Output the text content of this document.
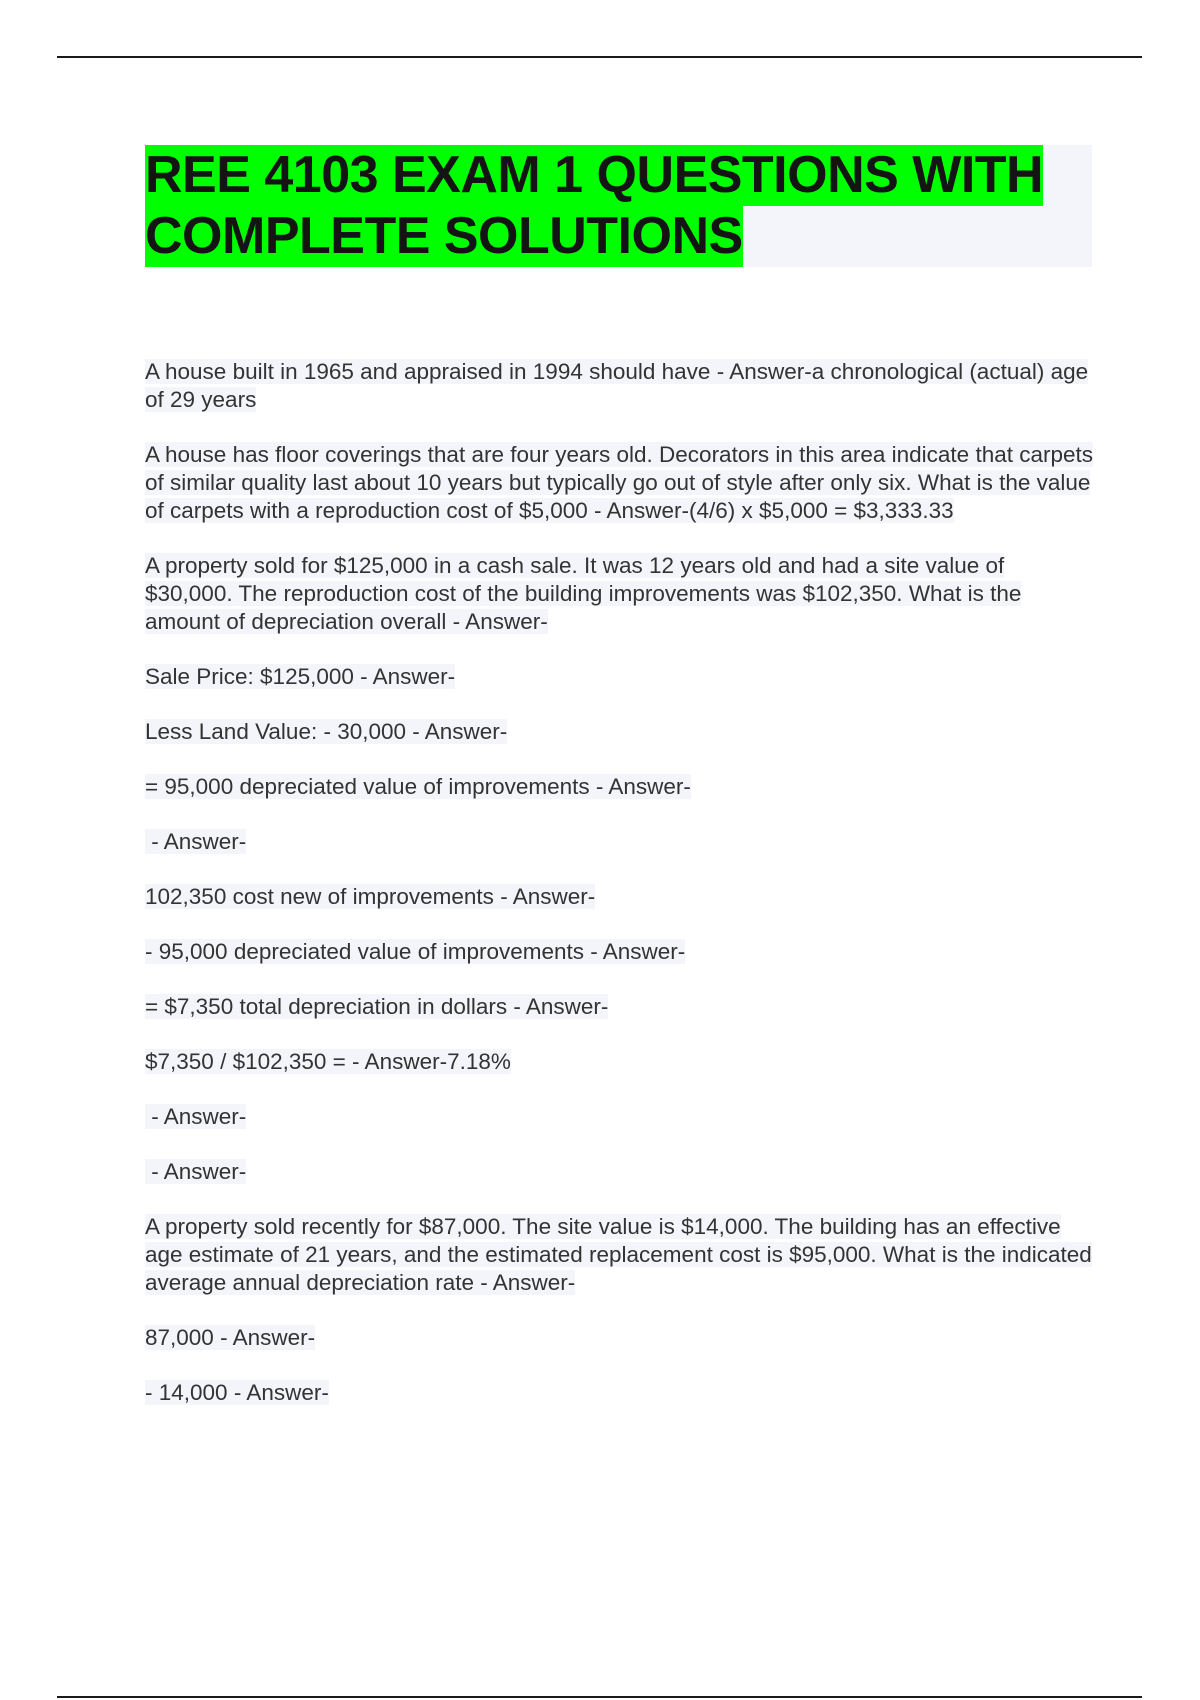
REE 4103 EXAM 1 QUESTIONS WITH
COMPLETE SOLUTIONS

A house built in 1965 and appraised in 1994 should have - Answer-a chronological (actual) age of 29 years

A house has floor coverings that are four years old. Decorators in this area indicate that carpets of similar quality last about 10 years but typically go out of style after only six. What is the value of carpets with a reproduction cost of $5,000 - Answer-(4/6) x $5,000 = $3,333.33

A property sold for $125,000 in a cash sale. It was 12 years old and had a site value of $30,000. The reproduction cost of the building improvements was $102,350. What is the amount of depreciation overall - Answer-

Sale Price: $125,000 - Answer-

Less Land Value: - 30,000 - Answer-

= 95,000 depreciated value of improvements - Answer-

- Answer-

102,350 cost new of improvements - Answer-

- 95,000 depreciated value of improvements - Answer-

= $7,350 total depreciation in dollars - Answer-

$7,350 / $102,350 = - Answer-7.18%

- Answer-

- Answer-

A property sold recently for $87,000. The site value is $14,000. The building has an effective age estimate of 21 years, and the estimated replacement cost is $95,000. What is the indicated average annual depreciation rate - Answer-

87,000 - Answer-

- 14,000 - Answer-
